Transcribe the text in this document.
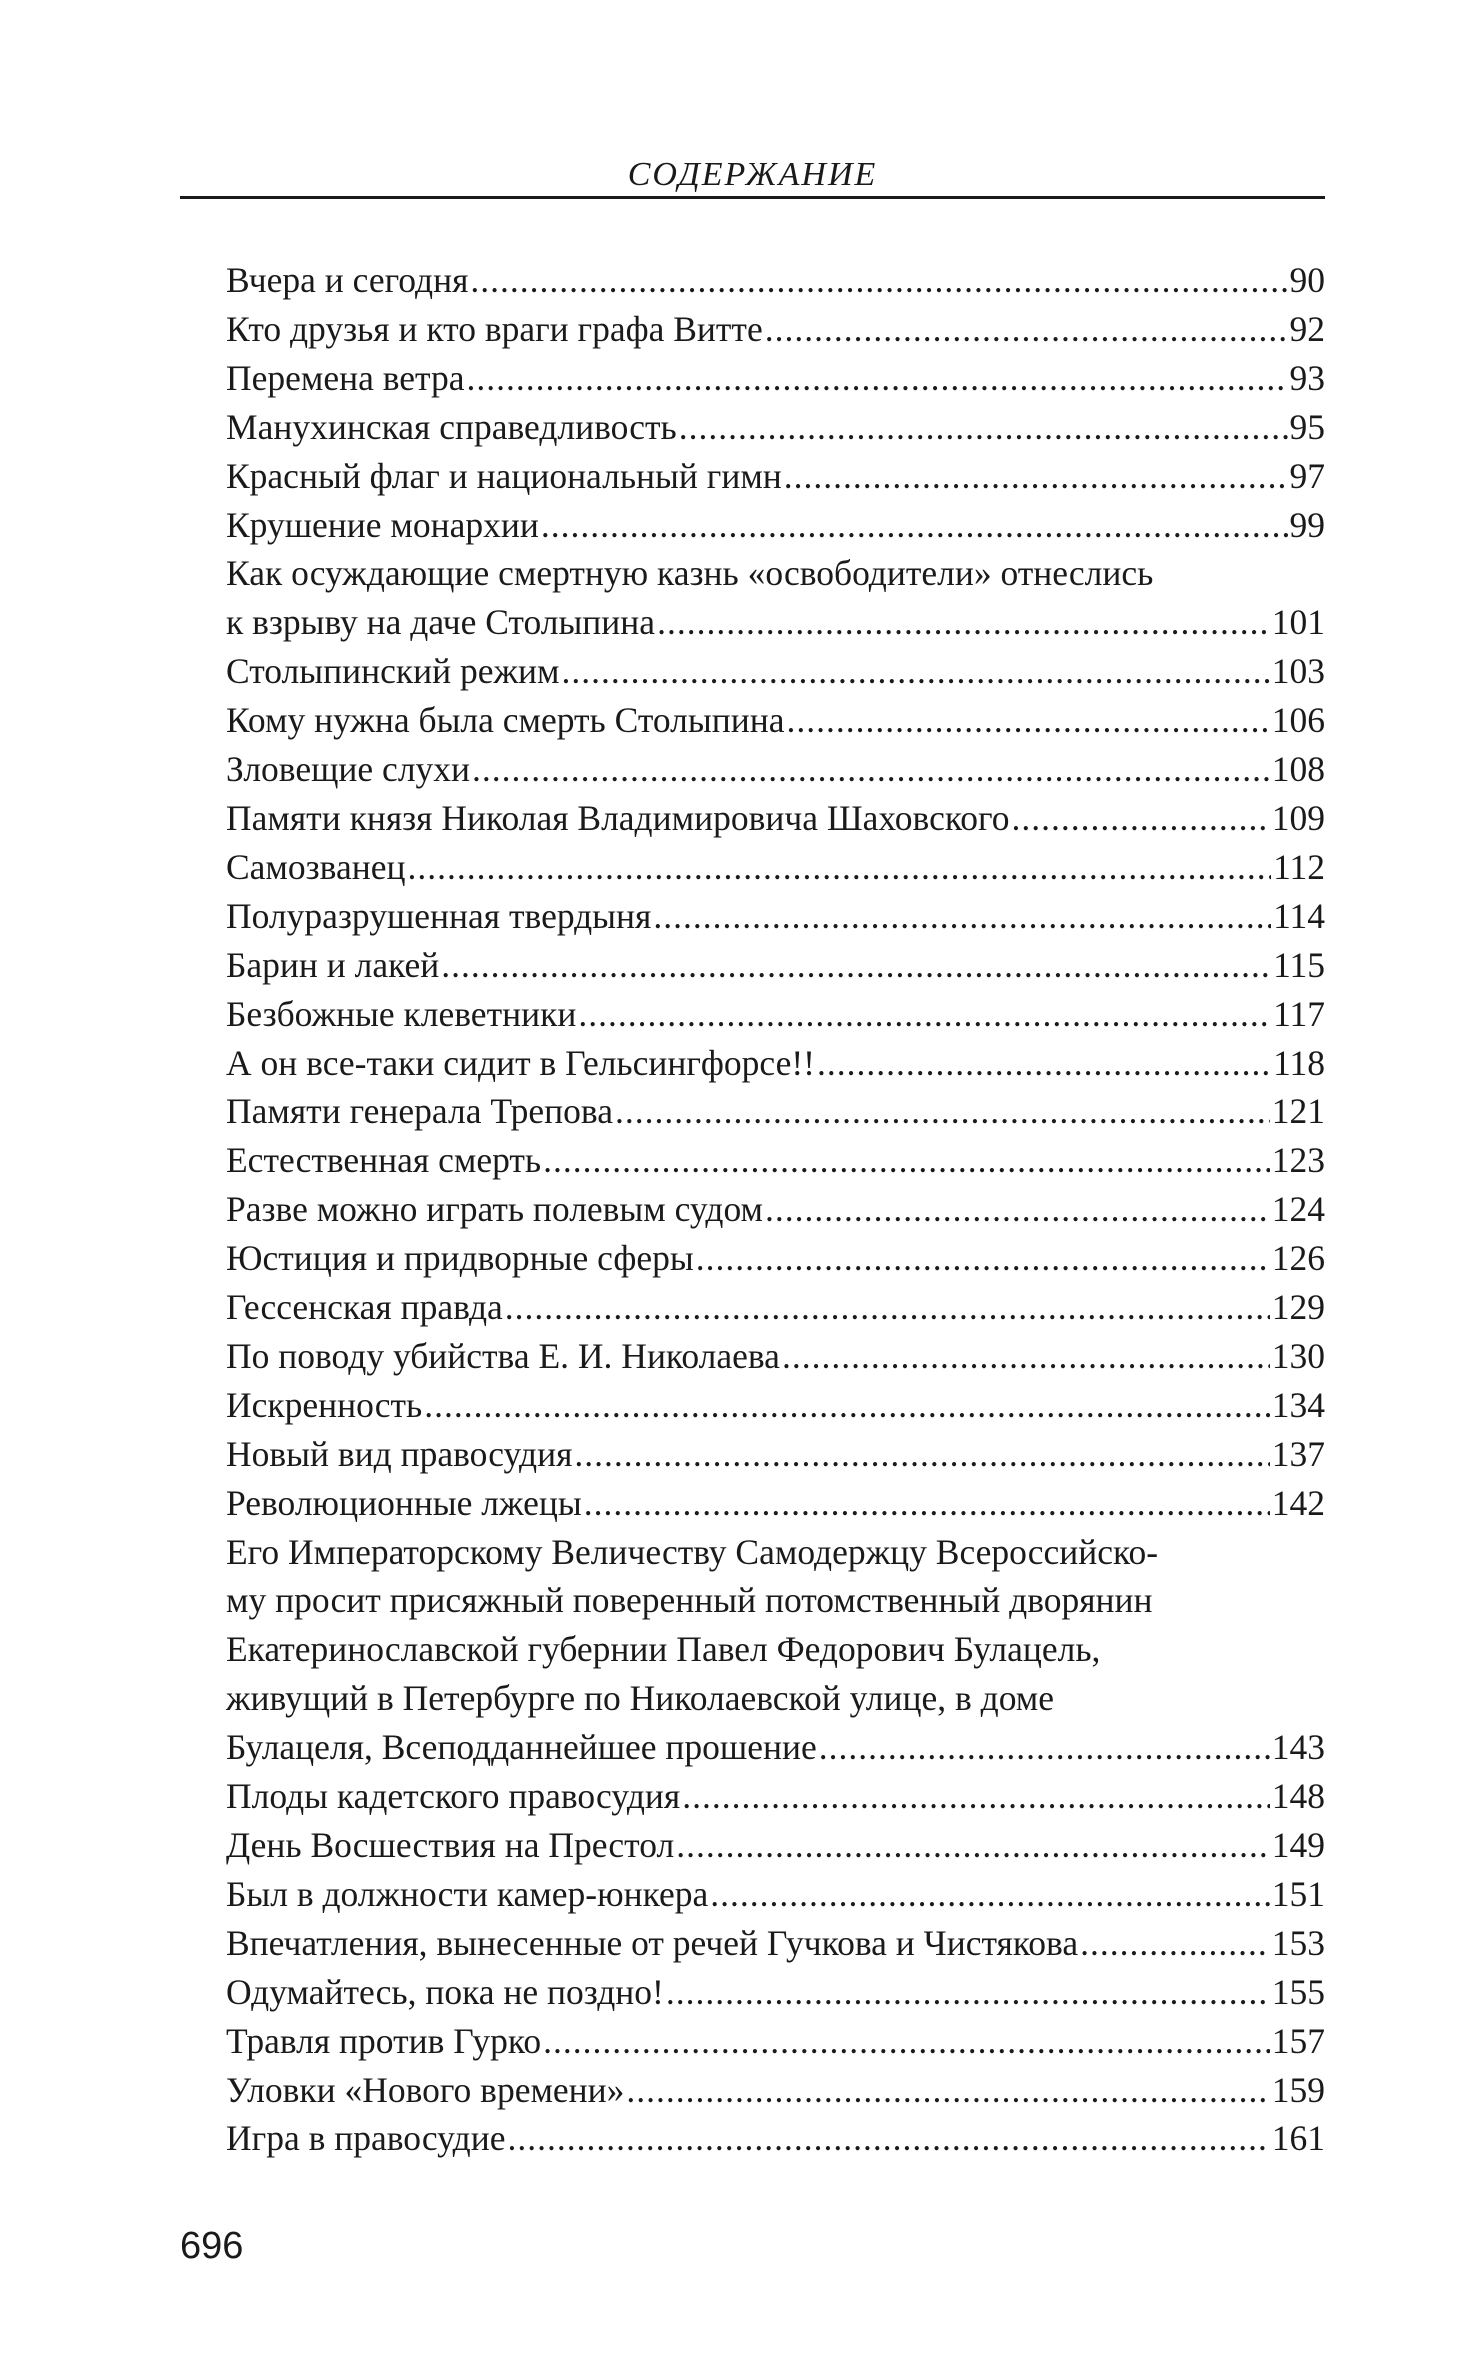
СОДЕРЖАНИЕ
Вчера и сегодня .....	90
Кто друзья и кто враги графа Витте .....	92
Перемена ветра .....	93
Манухинская справедливость .....	95
Красный флаг и национальный гимн .....	97
Крушение монархии .....	99
Как осуждающие смертную казнь «освободители» отнеслись
к взрыву на даче Столыпина .....	101
Столыпинский режим .....	103
Кому нужна была смерть Столыпина .....	106
Зловещие слухи .....	108
Памяти князя Николая Владимировича Шаховского .....	109
Самозванец .....	112
Полуразрушенная твердыня .....	114
Барин и лакей .....	115
Безбожные клеветники .....	117
А он все-таки сидит в Гельсингфорсе!! .....	118
Памяти генерала Трепова .....	121
Естественная смерть .....	123
Разве можно играть полевым судом .....	124
Юстиция и придворные сферы .....	126
Гессенская правда .....	129
По поводу убийства Е. И. Николаева .....	130
Искренность .....	134
Новый вид правосудия .....	137
Революционные лжецы .....	142
Его Императорскому Величеству Самодержцу Всероссийско-
му просит присяжный поверенный потомственный дворянин
Екатеринославской губернии Павел Федорович Булацель,
живущий в Петербурге по Николаевской улице, в доме
Булацеля, Всеподданнейшее прошение .....	143
Плоды кадетского правосудия .....	148
День Восшествия на Престол .....	149
Был в должности камер-юнкера .....	151
Впечатления, вынесенные от речей Гучкова и Чистякова .....	153
Одумайтесь, пока не поздно! .....	155
Травля против Гурко .....	157
Уловки «Нового времени» .....	159
Игра в правосудие .....	161
696
